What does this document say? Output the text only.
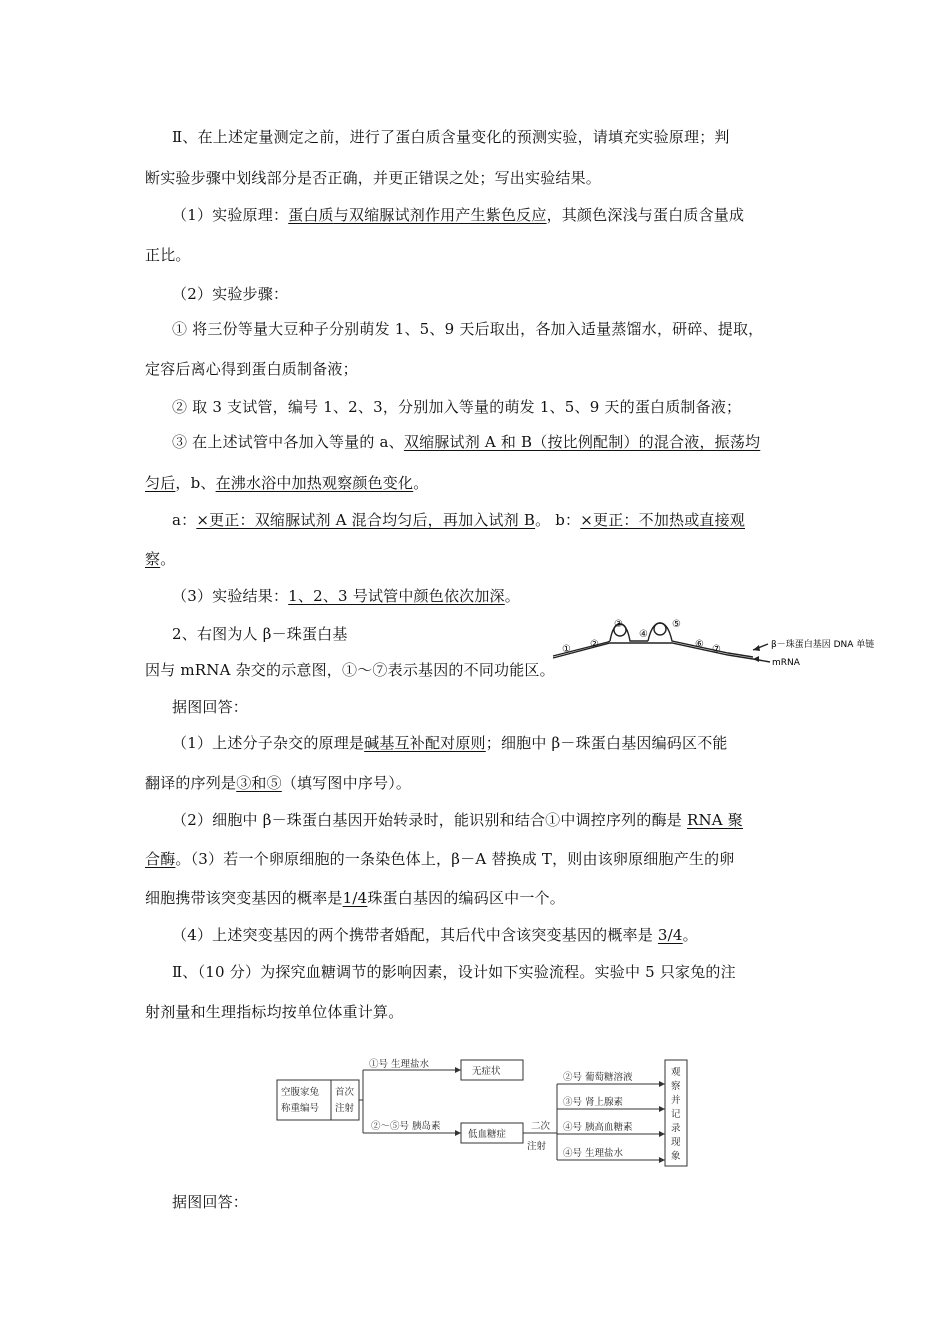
Ⅱ、在上述定量测定之前，进行了蛋白质含量变化的预测实验，请填充实验原理；判
断实验步骤中划线部分是否正确，并更正错误之处；写出实验结果。
（1）实验原理：蛋白质与双缩脲试剂作用产生紫色反应，其颜色深浅与蛋白质含量成
正比。
（2）实验步骤：
① 将三份等量大豆种子分别萌发 1、5、9 天后取出，各加入适量蒸馏水，研碎、提取，
定容后离心得到蛋白质制备液；
② 取 3 支试管，编号 1、2、3，分别加入等量的萌发 1、5、9 天的蛋白质制备液；
③ 在上述试管中各加入等量的 a、双缩脲试剂 A 和 B（按比例配制）的混合液，振荡均
匀后，b、在沸水浴中加热观察颜色变化。
a：×更正：双缩脲试剂 A 混合均匀后，再加入试剂 B。 b：×更正：不加热或直接观
察。
（3）实验结果：1、2、3 号试管中颜色依次加深。
2、右图为人 β－珠蛋白基
因与 mRNA 杂交的示意图，①～⑦表示基因的不同功能区。
① ②
③
④
⑤
⑥ ⑦	β－珠蛋白基因 DNA 单链
mRNA
据图回答：
（1）上述分子杂交的原理是碱基互补配对原则；细胞中 β－珠蛋白基因编码区不能
翻译的序列是③和⑤（填写图中序号）。
（2）细胞中 β－珠蛋白基因开始转录时，能识别和结合①中调控序列的酶是 RNA 聚
合酶。（3）若一个卵原细胞的一条染色体上，β－A 替换成 T，则由该卵原细胞产生的卵
细胞携带该突变基因的概率是1/4珠蛋白基因的编码区中一个。
（4）上述突变基因的两个携带者婚配，其后代中含该突变基因的概率是 3/4。
Ⅱ、（10 分）为探究血糖调节的影响因素，设计如下实验流程。实验中 5 只家兔的注
射剂量和生理指标均按单位体重计算。
空腹家兔
称重编号
首次
注射
①号 生理盐水
②～⑤号 胰岛素
无症状
低血糖症
二次
注射
②号 葡萄糖溶液
③号 肾上腺素
④号 胰高血糖素
④号 生理盐水
观
察
并
记
录
现
象
据图回答：
